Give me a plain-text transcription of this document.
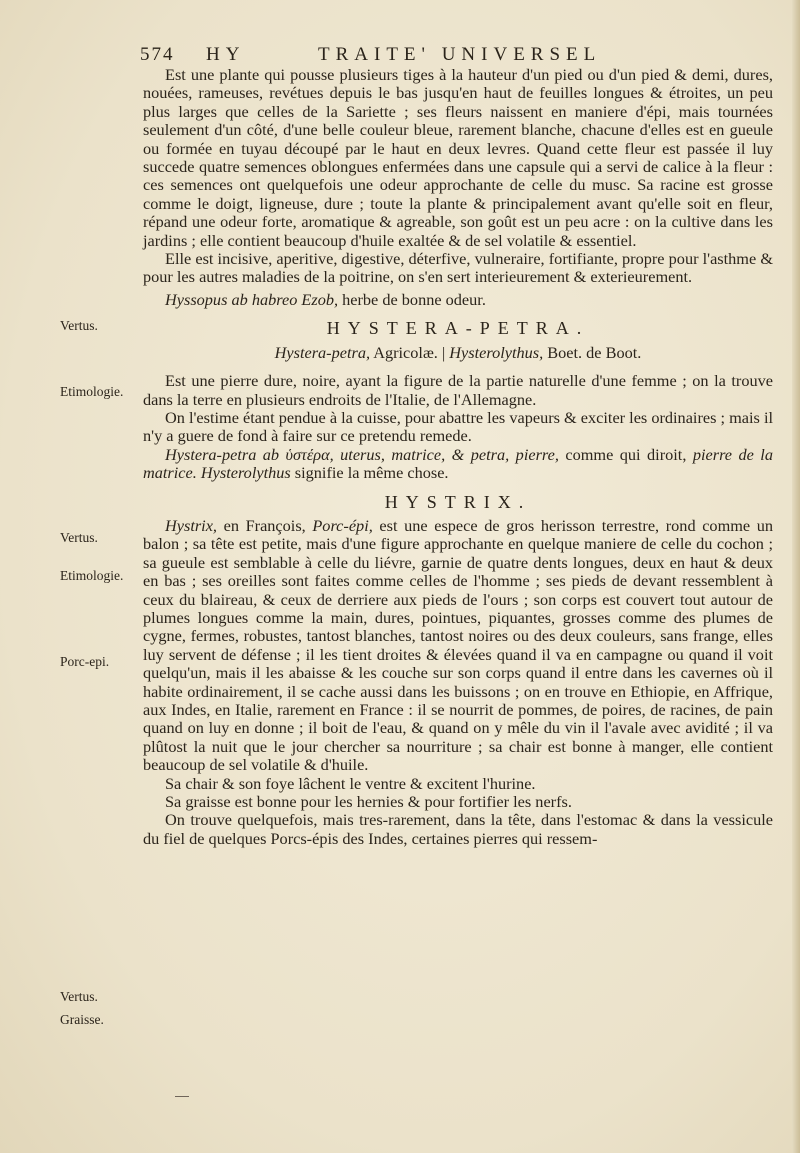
574 HY	TRAITE' UNIVERSEL
Vertus.
Etimologie.
Vertus.
Etimologie.
Porc-epi.
Vertus.
Graisse.

Est une plante qui pousse plusieurs tiges à la hauteur d'un pied ou d'un pied & demi, dures, nouées, rameuses, revétues depuis le bas jusqu'en haut de feuilles longues & étroites, un peu plus larges que celles de la Sariette ; ses fleurs naissent en maniere d'épi, mais tournées seulement d'un côté, d'une belle couleur bleue, rarement blanche, chacune d'elles est en gueule ou formée en tuyau découpé par le haut en deux levres. Quand cette fleur est passée il luy succede quatre semences oblongues enfermées dans une capsule qui a servi de calice à la fleur : ces semences ont quelquefois une odeur approchante de celle du musc. Sa racine est grosse comme le doigt, ligneuse, dure ; toute la plante & principalement avant qu'elle soit en fleur, répand une odeur forte, aromatique & agreable, son goût est un peu acre : on la cultive dans les jardins ; elle contient beaucoup d'huile exaltée & de sel volatile & essentiel.

Elle est incisive, aperitive, digestive, déterfive, vulneraire, fortifiante, propre pour l'asthme & pour les autres maladies de la poitrine, on s'en sert interieurement & exterieurement.

Hyssopus ab habreo Ezob, herbe de bonne odeur.

HYSTERA-PETRA.
Hystera-petra, Agricolæ. | Hysterolythus, Boet. de Boot.

Est une pierre dure, noire, ayant la figure de la partie naturelle d'une femme ; on la trouve dans la terre en plusieurs endroits de l'Italie, de l'Allemagne.

On l'estime étant pendue à la cuisse, pour abattre les vapeurs & exciter les ordinaires ; mais il n'y a guere de fond à faire sur ce pretendu remede.

Hystera-petra ab ὑστέρα, uterus, matrice, & petra, pierre, comme qui diroit, pierre de la matrice. Hysterolythus signifie la même chose.

HYSTRIX.

Hystrix, en François, Porc-épi, est une espece de gros herisson terrestre, rond comme un balon ; sa tête est petite, mais d'une figure approchante en quelque maniere de celle du cochon ; sa gueule est semblable à celle du liévre, garnie de quatre dents longues, deux en haut & deux en bas ; ses oreilles sont faites comme celles de l'homme ; ses pieds de devant ressemblent à ceux du blaireau, & ceux de derriere aux pieds de l'ours ; son corps est couvert tout autour de plumes longues comme la main, dures, pointues, piquantes, grosses comme des plumes de cygne, fermes, robustes, tantost blanches, tantost noires ou des deux couleurs, sans frange, elles luy servent de défense ; il les tient droites & élevées quand il va en campagne ou quand il voit quelqu'un, mais il les abaisse & les couche sur son corps quand il entre dans les cavernes où il habite ordinairement, il se cache aussi dans les buissons ; on en trouve en Ethiopie, en Affrique, aux Indes, en Italie, rarement en France : il se nourrit de pommes, de poires, de racines, de pain quand on luy en donne ; il boit de l'eau, & quand on y mêle du vin il l'avale avec avidité ; il va plûtost la nuit que le jour chercher sa nourriture ; sa chair est bonne à manger, elle contient beaucoup de sel volatile & d'huile.

Sa chair & son foye lâchent le ventre & excitent l'hurine.

Sa graisse est bonne pour les hernies & pour fortifier les nerfs.

On trouve quelquefois, mais tres-rarement, dans la tête, dans l'estomac & dans la vessicule du fiel de quelques Porcs-épis des Indes, certaines pierres qui ressem-
